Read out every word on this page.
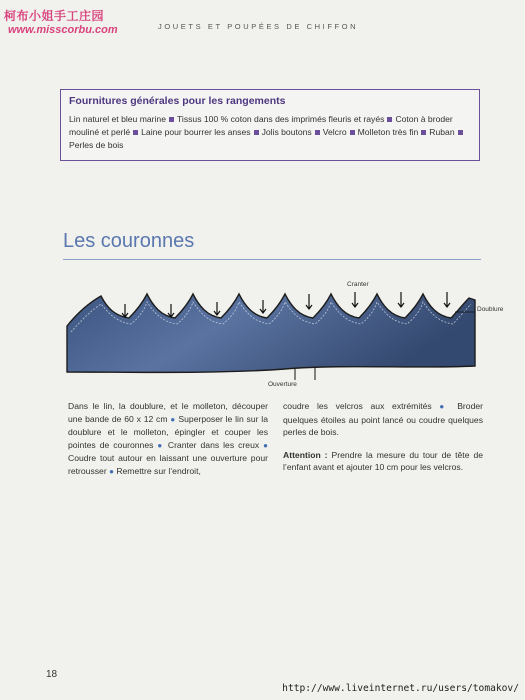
柯布小姐手工庄园
www.misscorbu.com	JOUETS ET POUPÉES DE CHIFFON
Fournitures générales pour les rangements
Lin naturel et bleu marine Tissus 100 % coton dans des imprimés fleuris et rayés Coton à broder mouliné et perlé Laine pour bourrer les anses Jolis boutons Velcro Molleton très fin RubanPerles de bois
Les couronnes
Cranter
Doublure
Ouverture
Dans le lin, la doublure, et le molleton, découper une bande de 60 x 12 cm ● Superposer le lin sur la doublure et le molleton, épingler et couper les pointes de couronnes ● Cranter dans les creux ● Coudre tout autour en laissant une ouverture pour retrousser ● Remettre sur l’endroit,
coudre les velcros aux extrémités ● Broder quelques étoiles au point lancé ou coudre quelques perles de bois.
Attention : Prendre la mesure du tour de tête de l’enfant avant et ajouter 10 cm pour les velcros.
18
http://www.liveinternet.ru/users/tomakov/
